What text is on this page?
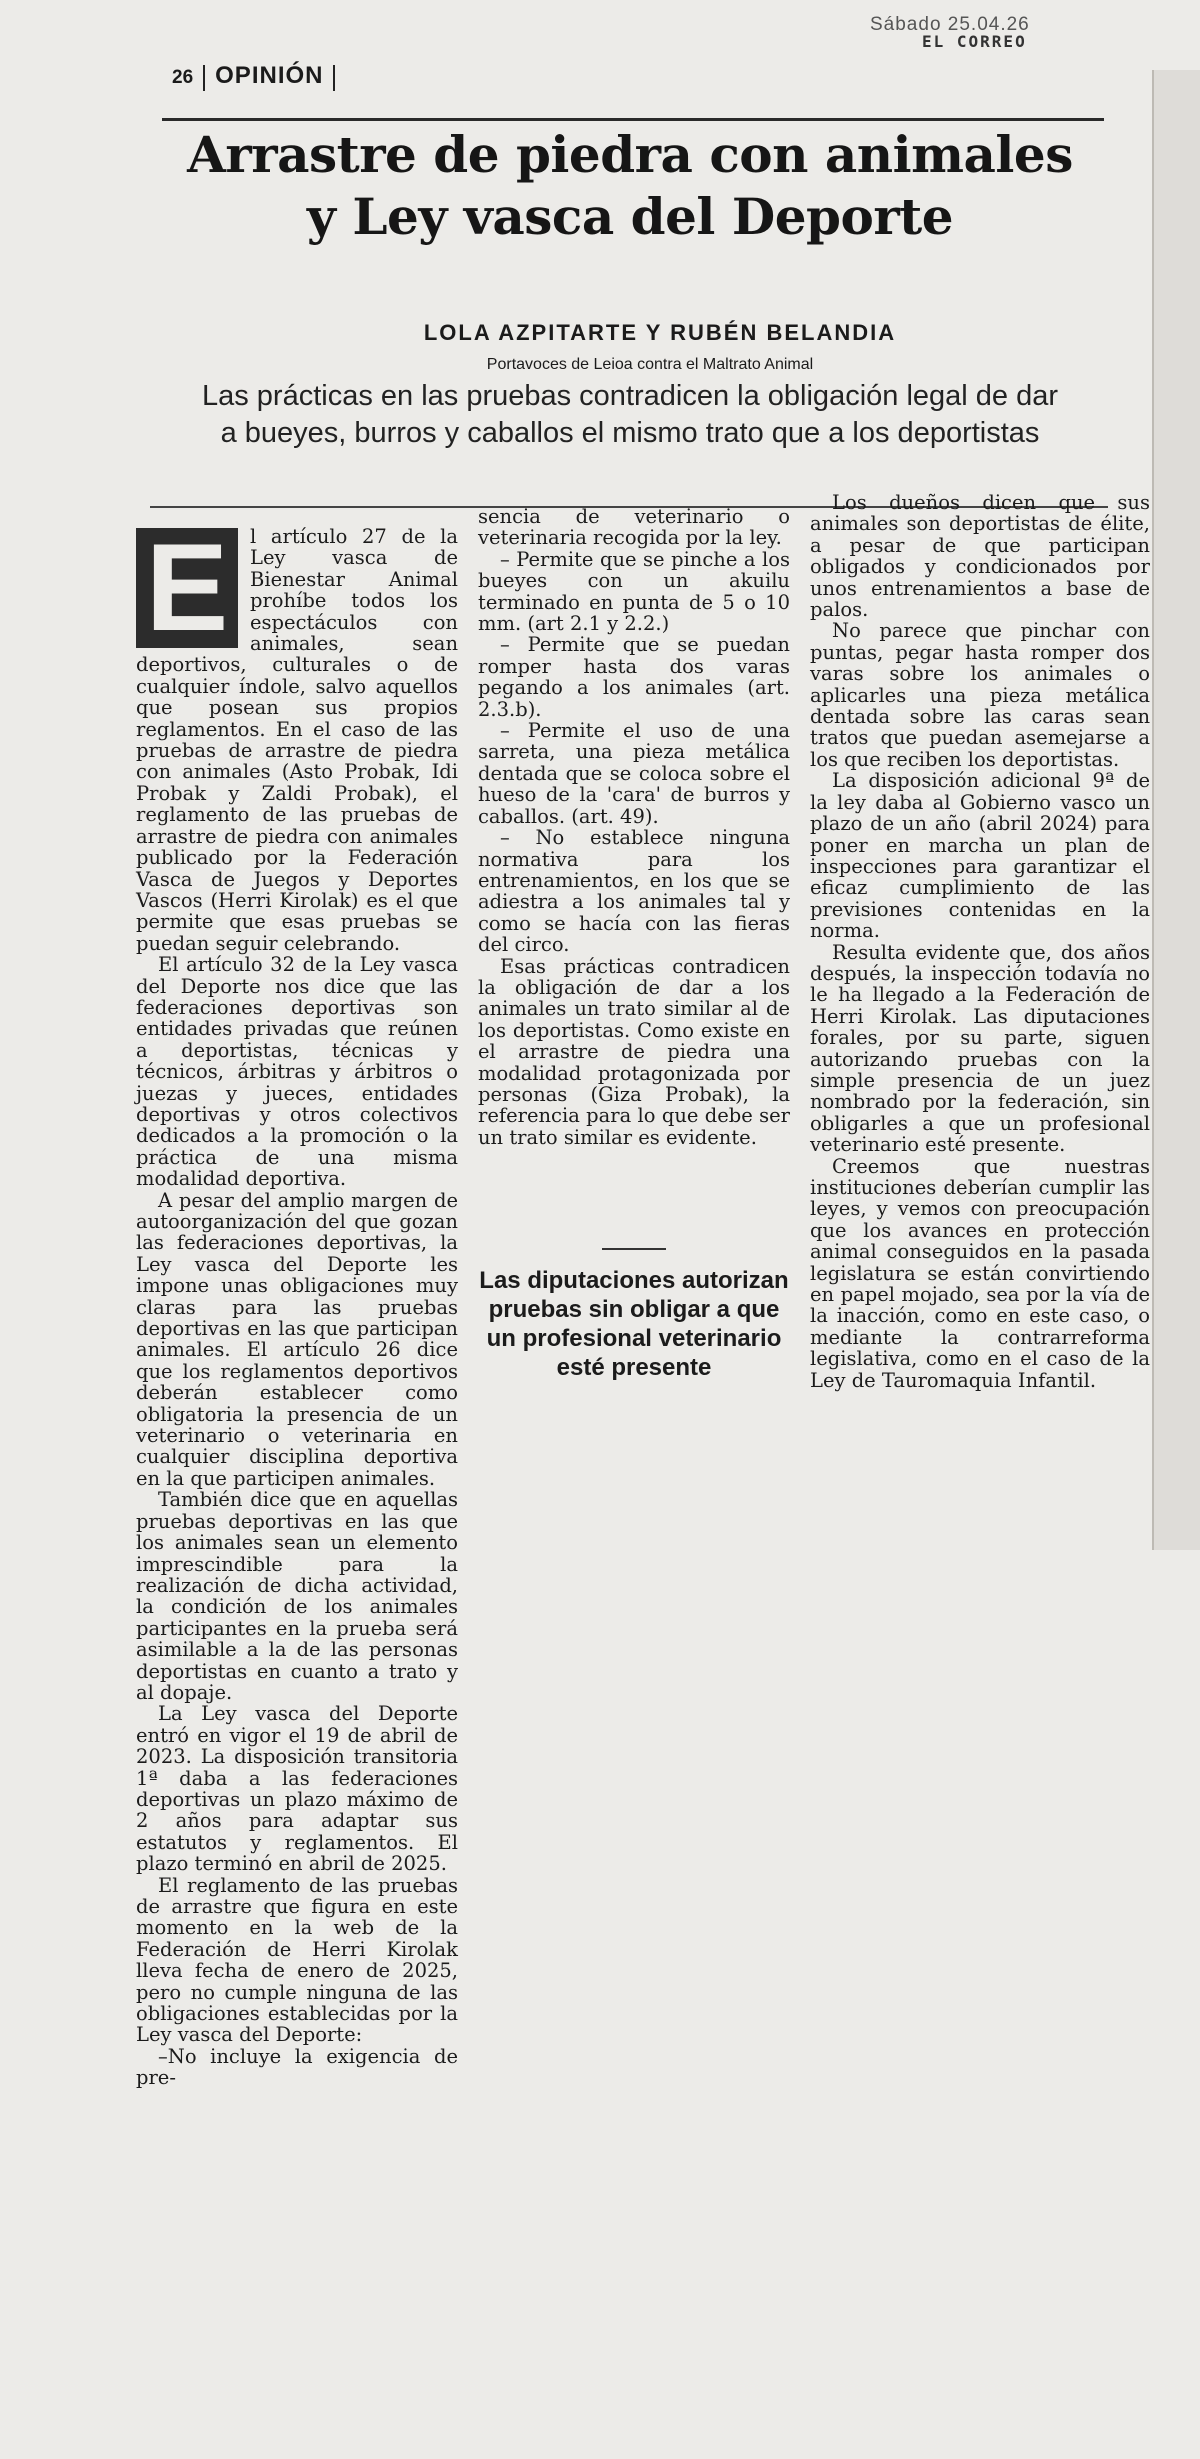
Sábado 25.04.26
EL CORREO
26 OPINIÓN
Arrastre de piedra con animales
y Ley vasca del Deporte
LOLA AZPITARTE Y RUBÉN BELANDIA
Portavoces de Leioa contra el Maltrato Animal
Las prácticas en las pruebas contradicen la obligación legal de dar
a bueyes, burros y caballos el mismo trato que a los deportistas
E	l artículo 27 de la Ley vasca de Bienestar Animal prohíbe todos los espectáculos con animales, sean deportivos, culturales o de cualquier índole, salvo aquellos que posean sus propios reglamentos. En el caso de las pruebas de arrastre de piedra con animales (Asto Probak, Idi Probak y Zaldi Probak), el reglamento de las pruebas de arrastre de piedra con animales publicado por la Federación Vasca de Juegos y Deportes Vascos (Herri Kirolak) es el que permite que esas pruebas se puedan seguir celebrando.

El artículo 32 de la Ley vasca del Deporte nos dice que las federaciones deportivas son entidades privadas que reúnen a deportistas, técnicas y técnicos, árbitras y árbitros o juezas y jueces, entidades deportivas y otros colectivos dedicados a la promoción o la práctica de una misma modalidad deportiva.

A pesar del amplio margen de autoorganización del que gozan las federaciones deportivas, la Ley vasca del Deporte les impone unas obligaciones muy claras para las pruebas deportivas en las que participan animales. El artículo 26 dice que los reglamentos deportivos deberán establecer como obligatoria la presencia de un veterinario o veterinaria en cualquier disciplina deportiva en la que participen animales.

También dice que en aquellas pruebas deportivas en las que los animales sean un elemento imprescindible para la realización de dicha actividad, la condición de los animales participantes en la prueba será asimilable a la de las personas deportistas en cuanto a trato y al dopaje.

La Ley vasca del Deporte entró en vigor el 19 de abril de 2023. La disposición transitoria 1ª daba a las federaciones deportivas un plazo máximo de 2 años para adaptar sus estatutos y reglamentos. El plazo terminó en abril de 2025.

El reglamento de las pruebas de arrastre que figura en este momento en la web de la Federación de Herri Kirolak lleva fecha de enero de 2025, pero no cumple ninguna de las obligaciones establecidas por la Ley vasca del Deporte:

–No incluye la exigencia de pre-

sencia de veterinario o veterinaria recogida por la ley.

– Permite que se pinche a los bueyes con un akuilu terminado en punta de 5 o 10 mm. (art 2.1 y 2.2.)

– Permite que se puedan romper hasta dos varas pegando a los animales (art. 2.3.b).

– Permite el uso de una sarreta, una pieza metálica dentada que se coloca sobre el hueso de la 'cara' de burros y caballos. (art. 49).

– No establece ninguna normativa para los entrenamientos, en los que se adiestra a los animales tal y como se hacía con las fieras del circo.

Esas prácticas contradicen la obligación de dar a los animales un trato similar al de los deportistas. Como existe en el arrastre de piedra una modalidad protagonizada por personas (Giza Probak), la referencia para lo que debe ser un trato similar es evidente.

Las diputaciones autorizan pruebas sin obligar a que un profesional veterinario esté presente

Los dueños dicen que sus animales son deportistas de élite, a pesar de que participan obligados y condicionados por unos entrenamientos a base de palos.

No parece que pinchar con puntas, pegar hasta romper dos varas sobre los animales o aplicarles una pieza metálica dentada sobre las caras sean tratos que puedan asemejarse a los que reciben los deportistas.

La disposición adicional 9ª de la ley daba al Gobierno vasco un plazo de un año (abril 2024) para poner en marcha un plan de inspecciones para garantizar el eficaz cumplimiento de las previsiones contenidas en la norma.

Resulta evidente que, dos años después, la inspección todavía no le ha llegado a la Federación de Herri Kirolak. Las diputaciones forales, por su parte, siguen autorizando pruebas con la simple presencia de un juez nombrado por la federación, sin obligarles a que un profesional veterinario esté presente.

Creemos que nuestras instituciones deberían cumplir las leyes, y vemos con preocupación que los avances en protección animal conseguidos en la pasada legislatura se están convirtiendo en papel mojado, sea por la vía de la inacción, como en este caso, o mediante la contrarreforma legislativa, como en el caso de la Ley de Tauromaquia Infantil.
